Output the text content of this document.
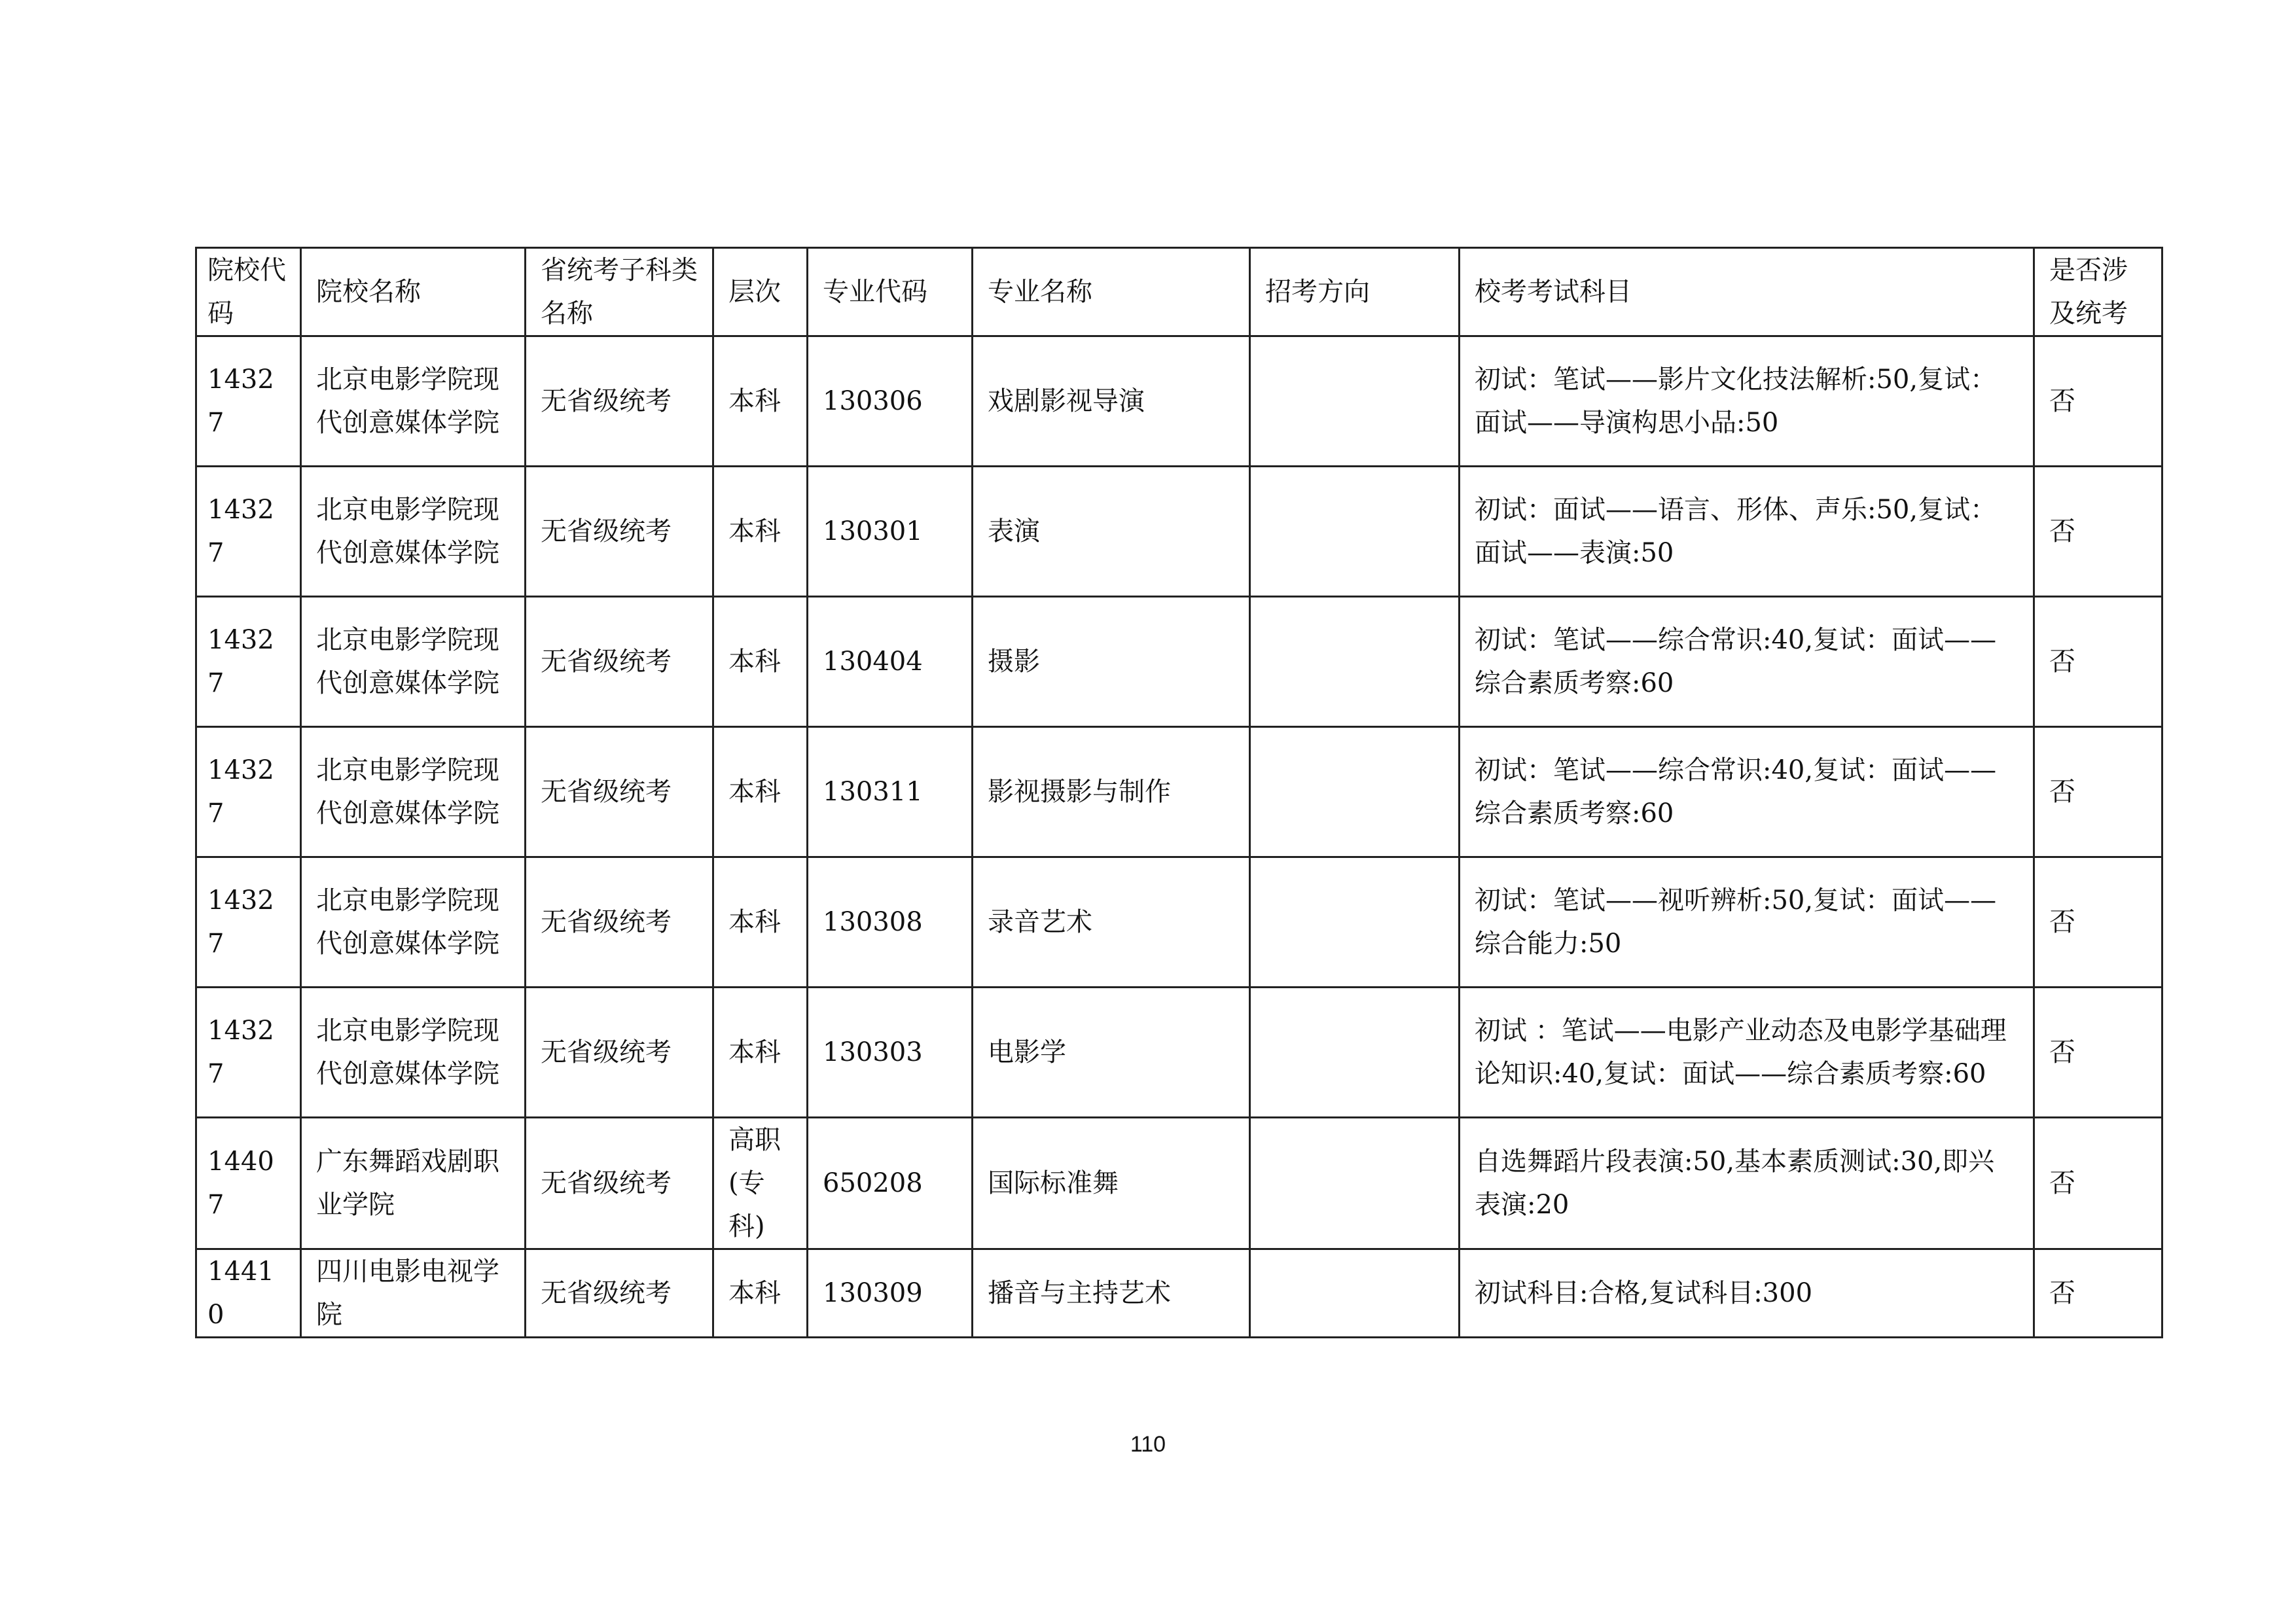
院校代码	院校名称	省统考子科类名称	层次	专业代码	专业名称	招考方向	校考考试科目	是否涉及统考
14327	北京电影学院现代创意媒体学院	无省级统考	本科	130306	戏剧影视导演		初试：笔试——影片文化技法解析:50,复试：面试——导演构思小品:50	否
14327	北京电影学院现代创意媒体学院	无省级统考	本科	130301	表演		初试：面试——语言、形体、声乐:50,复试：面试——表演:50	否
14327	北京电影学院现代创意媒体学院	无省级统考	本科	130404	摄影		初试：笔试——综合常识:40,复试：面试——综合素质考察:60	否
14327	北京电影学院现代创意媒体学院	无省级统考	本科	130311	影视摄影与制作		初试：笔试——综合常识:40,复试：面试——综合素质考察:60	否
14327	北京电影学院现代创意媒体学院	无省级统考	本科	130308	录音艺术		初试：笔试——视听辨析:50,复试：面试——综合能力:50	否
14327	北京电影学院现代创意媒体学院	无省级统考	本科	130303	电影学		初试 ：笔试——电影产业动态及电影学基础理论知识:40,复试：面试——综合素质考察:60	否
14407	广东舞蹈戏剧职业学院	无省级统考	高职(专科)	650208	国际标准舞		自选舞蹈片段表演:50,基本素质测试:30,即兴表演:20	否
14410	四川电影电视学院	无省级统考	本科	130309	播音与主持艺术		初试科目:合格,复试科目:300	否
110
